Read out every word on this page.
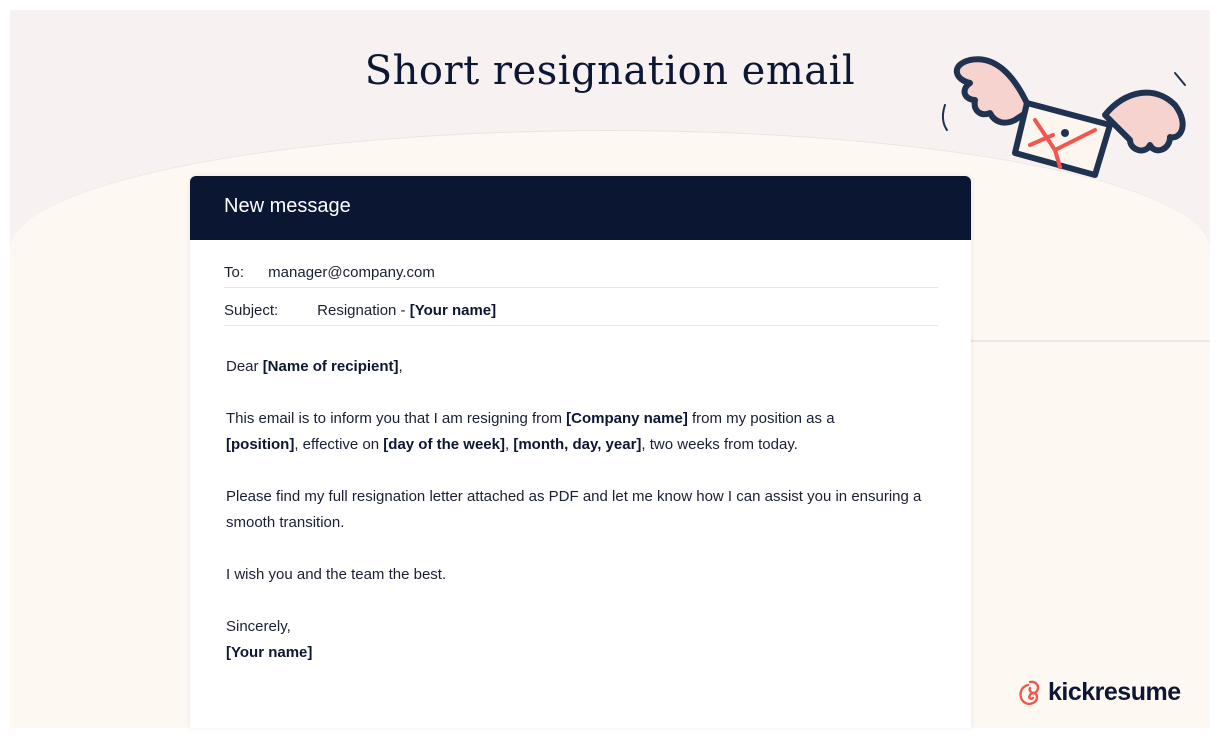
Short resignation email
New message
To: manager@company.com
Subject:	Resignation - [Your name]

Dear [Name of recipient],

This email is to inform you that I am resigning from [Company name] from my position as a
[position], effective on [day of the week], [month, day, year], two weeks from today.

Please find my full resignation letter attached as PDF and let me know how I can assist you in ensuring a smooth transition.

I wish you and the team the best.

Sincerely,
[Your name]
kickresume
